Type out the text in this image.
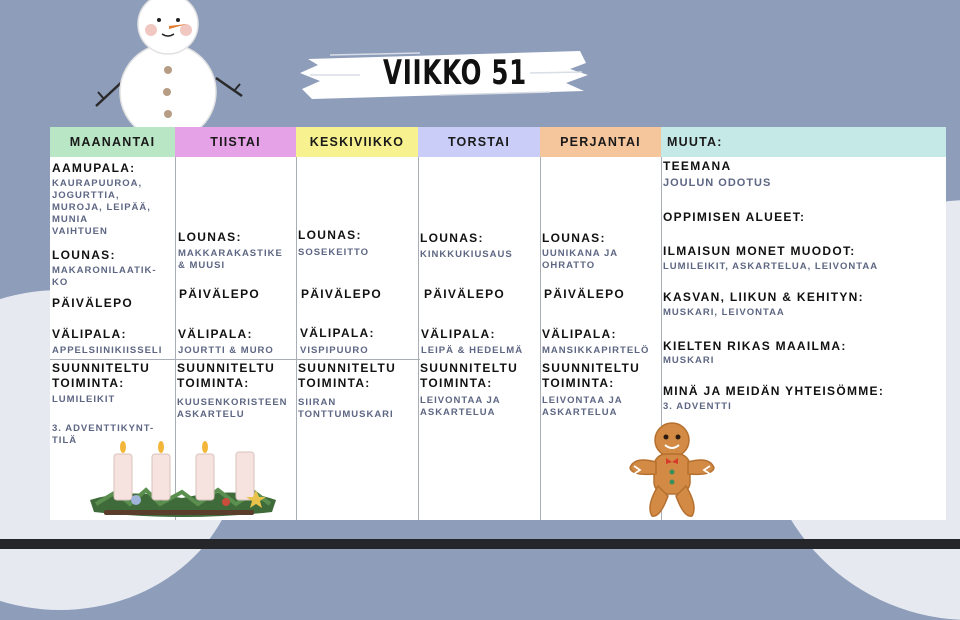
VIIKKO 51
MAANANTAI
AAMUPALA:
KAURAPUUROA,
JOGURTTIA,
MUROJA, LEIPÄÄ,
MUNIA
VAIHTUEN
LOUNAS:
MAKARONILAATIK-
KO
PÄIVÄLEPO
VÄLIPALA:
APPELSIINIKIISSELI
SUUNNITELTU
TOIMINTA:
LUMILEIKIT
3. ADVENTTIKYNT-
TILÄ
TIISTAI
LOUNAS:
MAKKARAKASTIKE
& MUUSI
PÄIVÄLEPO
VÄLIPALA:
JOURTTI & MURO
SUUNNITELTU
TOIMINTA:
KUUSENKORISTEEN
ASKARTELU
KESKIVIIKKO
LOUNAS:
SOSEKEITTO
PÄIVÄLEPO
VÄLIPALA:
VISPIPUURO
SUUNNITELTU
TOIMINTA:
SIIRAN
TONTTUMUSKARI
TORSTAI
LOUNAS:
KINKKUKIUSAUS
PÄIVÄLEPO
VÄLIPALA:
LEIPÄ & HEDELMÄ
SUUNNITELTU
TOIMINTA:
LEIVONTAA JA
ASKARTELUA
PERJANTAI
LOUNAS:
UUNIKANA JA
OHRATTO
PÄIVÄLEPO
VÄLIPALA:
MANSIKKAPIRTELÖ
SUUNNITELTU
TOIMINTA:
LEIVONTAA JA
ASKARTELUA
MUUTA:
TEEMANA
JOULUN ODOTUS
OPPIMISEN ALUEET:
ILMAISUN MONET MUODOT:
LUMILEIKIT, ASKARTELUA, LEIVONTAA
KASVAN, LIIKUN & KEHITYN:
MUSKARI, LEIVONTAA
KIELTEN RIKAS MAAILMA:
MUSKARI
MINÄ JA MEIDÄN YHTEISÖMME:
3. ADVENTTI
